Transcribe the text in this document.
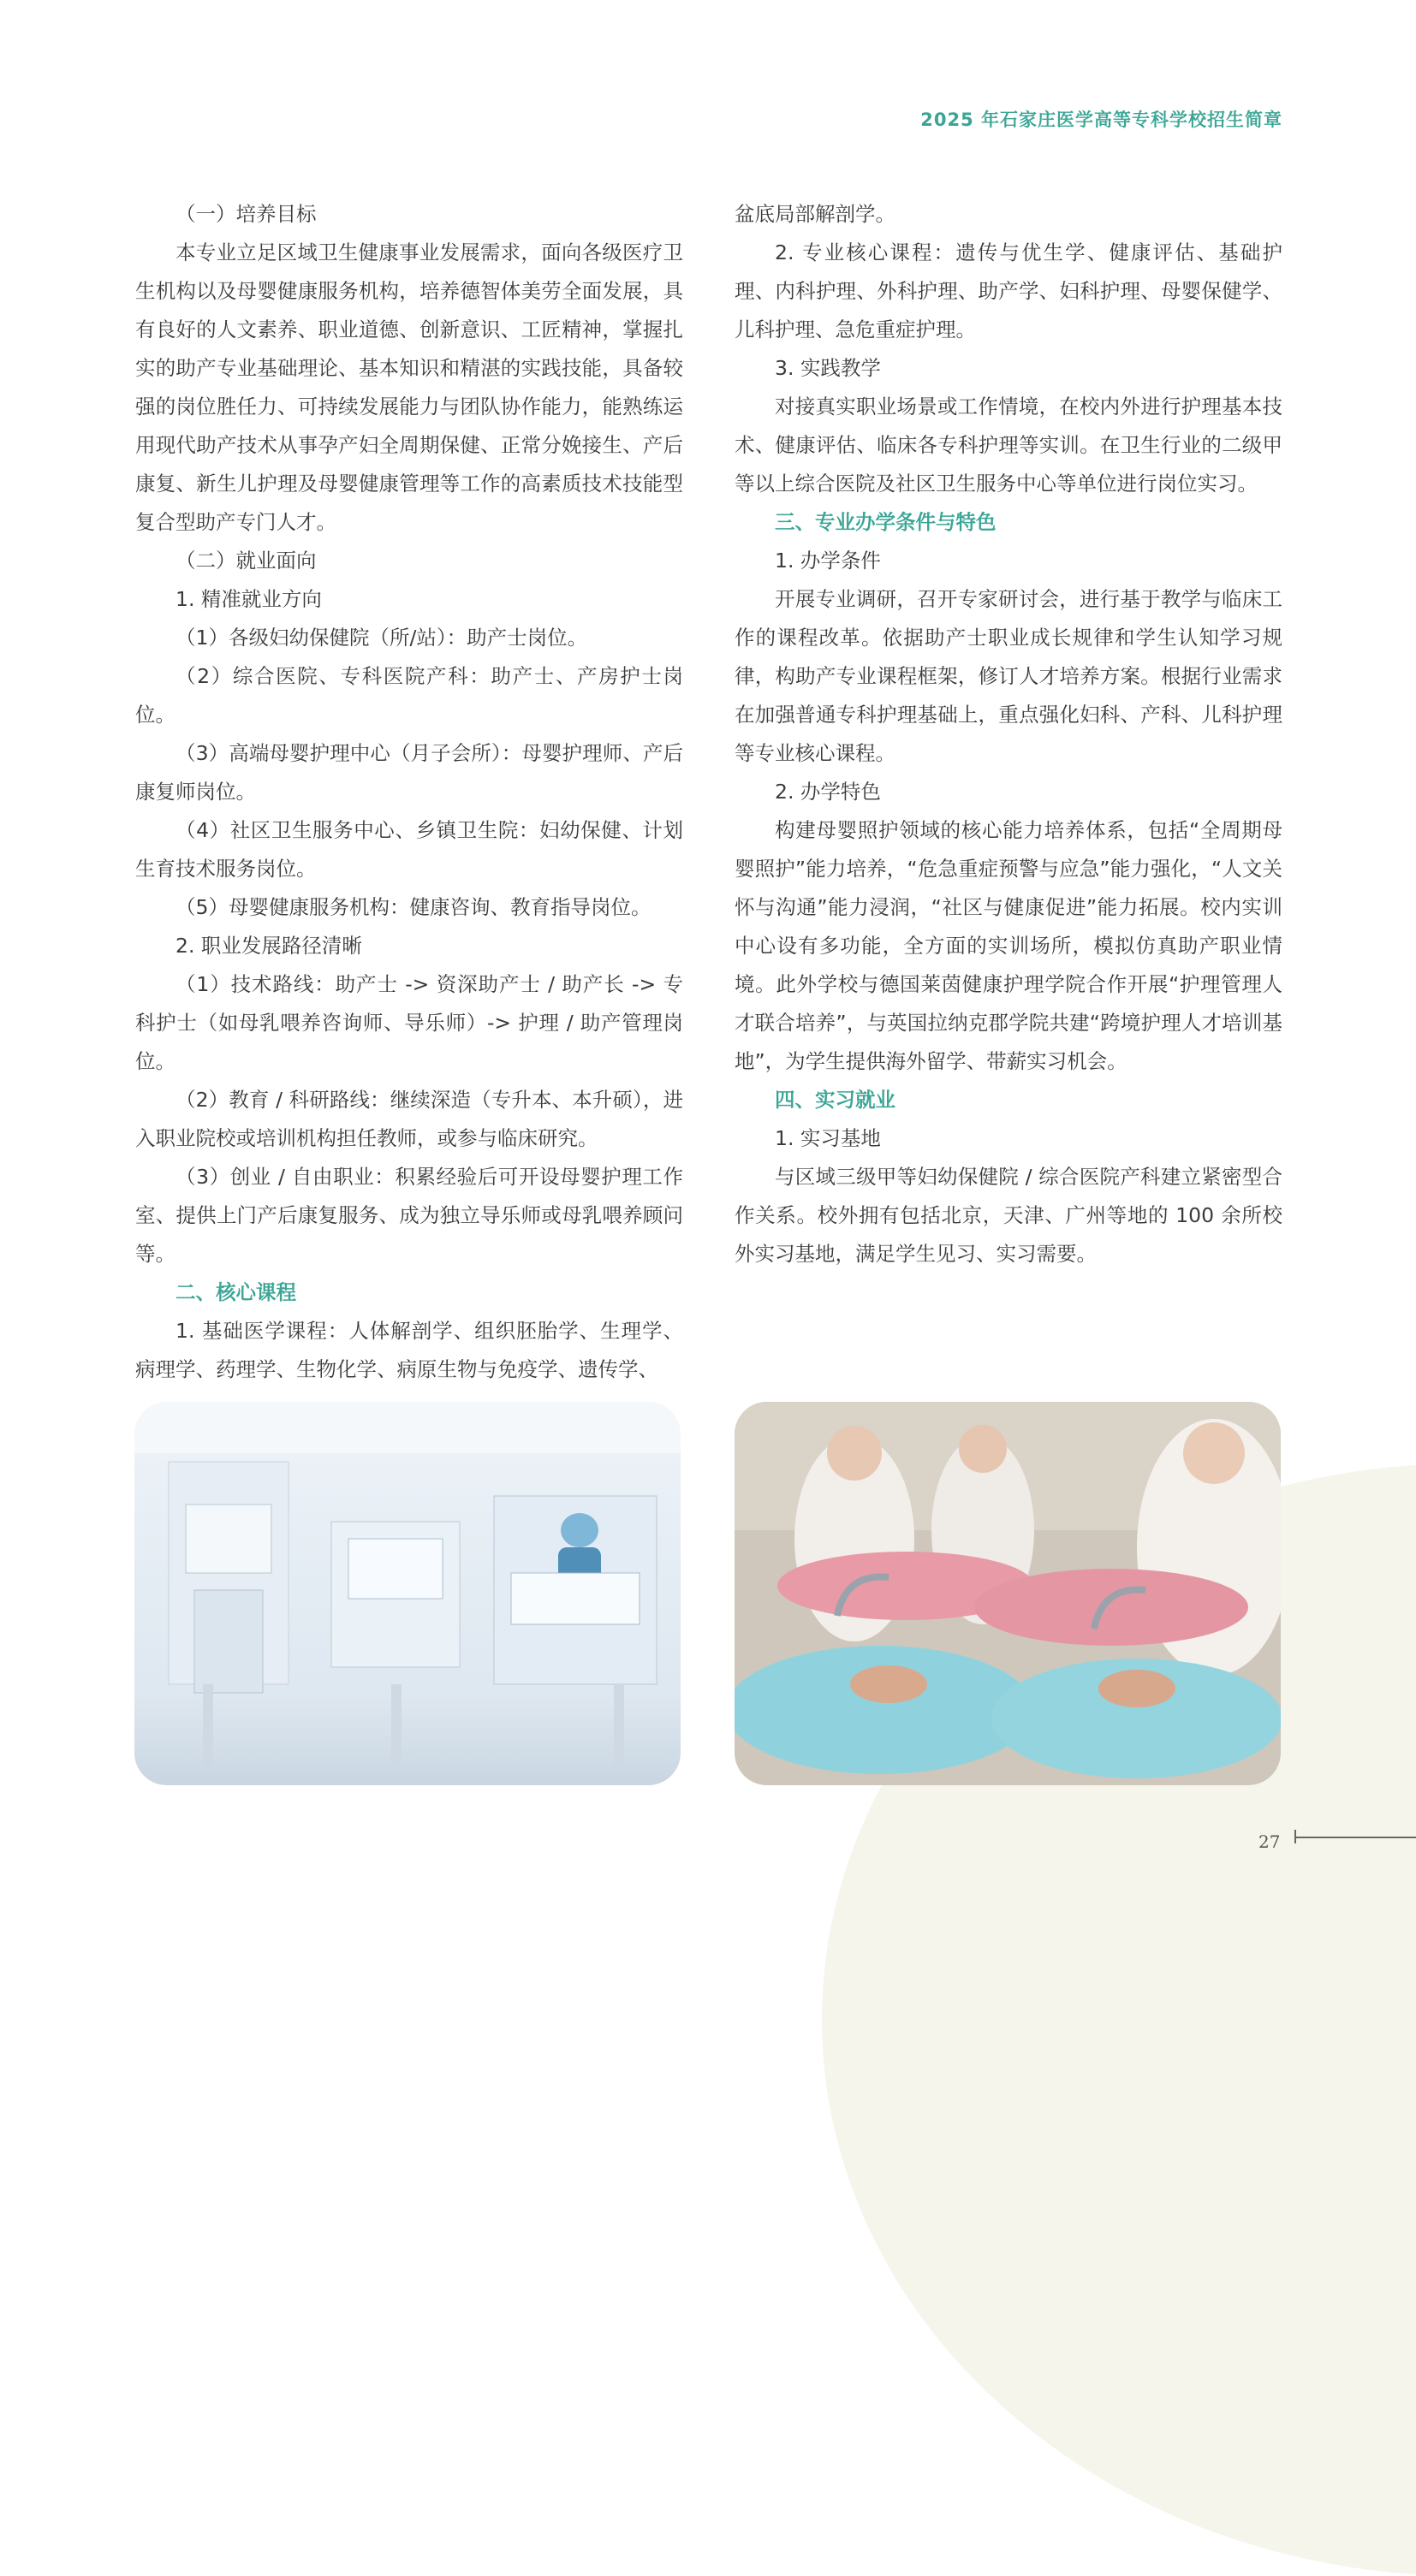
2025 年石家庄医学高等专科学校招生简章

（一）培养目标

本专业立足区域卫生健康事业发展需求，面向各级医疗卫生机构以及母婴健康服务机构，培养德智体美劳全面发展，具有良好的人文素养、职业道德、创新意识、工匠精神，掌握扎实的助产专业基础理论、基本知识和精湛的实践技能，具备较强的岗位胜任力、可持续发展能力与团队协作能力，能熟练运用现代助产技术从事孕产妇全周期保健、正常分娩接生、产后康复、新生儿护理及母婴健康管理等工作的高素质技术技能型复合型助产专门人才。

（二）就业面向

1. 精准就业方向

（1）各级妇幼保健院（所/站）：助产士岗位。

（2）综合医院、专科医院产科：助产士、产房护士岗位。

（3）高端母婴护理中心（月子会所）：母婴护理师、产后康复师岗位。

（4）社区卫生服务中心、乡镇卫生院：妇幼保健、计划生育技术服务岗位。

（5）母婴健康服务机构：健康咨询、教育指导岗位。

2. 职业发展路径清晰

（1）技术路线：助产士 -> 资深助产士 / 助产长 -> 专科护士（如母乳喂养咨询师、导乐师）-> 护理 / 助产管理岗位。

（2）教育 / 科研路线：继续深造（专升本、本升硕），进入职业院校或培训机构担任教师，或参与临床研究。

（3）创业 / 自由职业：积累经验后可开设母婴护理工作室、提供上门产后康复服务、成为独立导乐师或母乳喂养顾问等。

二、核心课程

1. 基础医学课程：人体解剖学、组织胚胎学、生理学、病理学、药理学、生物化学、病原生物与免疫学、遗传学、

盆底局部解剖学。

2. 专业核心课程：遗传与优生学、健康评估、基础护理、内科护理、外科护理、助产学、妇科护理、母婴保健学、儿科护理、急危重症护理。

3. 实践教学

对接真实职业场景或工作情境，在校内外进行护理基本技术、健康评估、临床各专科护理等实训。在卫生行业的二级甲等以上综合医院及社区卫生服务中心等单位进行岗位实习。

三、专业办学条件与特色

1. 办学条件

开展专业调研，召开专家研讨会，进行基于教学与临床工作的课程改革。依据助产士职业成长规律和学生认知学习规律，构助产专业课程框架，修订人才培养方案。根据行业需求在加强普通专科护理基础上，重点强化妇科、产科、儿科护理等专业核心课程。

2. 办学特色

构建母婴照护领域的核心能力培养体系，包括“全周期母婴照护”能力培养，“危急重症预警与应急”能力强化，“人文关怀与沟通”能力浸润，“社区与健康促进”能力拓展。校内实训中心设有多功能，全方面的实训场所，模拟仿真助产职业情境。此外学校与德国莱茵健康护理学院合作开展“护理管理人才联合培养”，与英国拉纳克郡学院共建“跨境护理人才培训基地”，为学生提供海外留学、带薪实习机会。

四、实习就业

1. 实习基地

与区域三级甲等妇幼保健院 / 综合医院产科建立紧密型合作关系。校外拥有包括北京，天津、广州等地的 100 余所校外实习基地，满足学生见习、实习需要。

27
